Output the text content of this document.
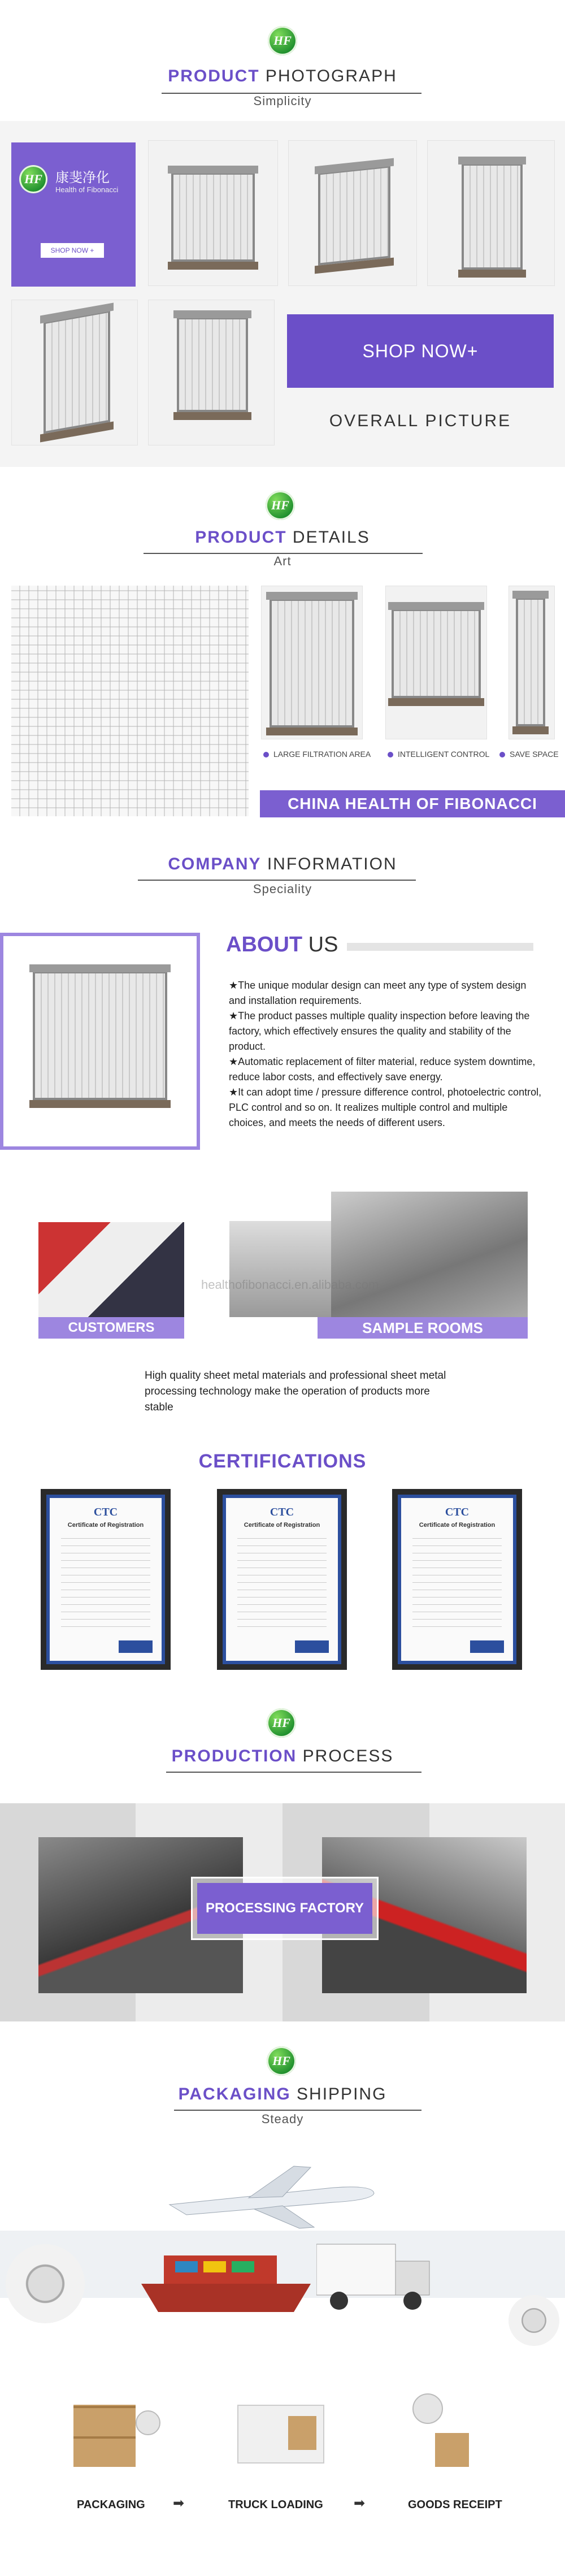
HF
PRODUCT PHOTOGRAPH
Simplicity
HF 康斐净化
Health of Fibonacci
SHOP NOW +
SHOP NOW+
OVERALL PICTURE
HF
PRODUCT DETAILS
Art
LARGE FILTRATION AREA	INTELLIGENT CONTROL	SAVE SPACE
CHINA HEALTH OF FIBONACCI
COMPANY INFORMATION
Speciality
ABOUT US
★The unique modular design can meet any type of system design and installation requirements.
★The product passes multiple quality inspection before leaving the factory, which effectively ensures the quality and stability of the product.
★Automatic replacement of filter material, reduce system downtime, reduce labor costs, and effectively save energy.
★It can adopt time / pressure difference control, photoelectric control, PLC control and so on. It realizes multiple control and multiple choices, and meets the needs of different users.
CUSTOMERS
healthofibonacci.en.alibaba.com
SAMPLE ROOMS
High quality sheet metal materials and professional sheet metal processing technology make the operation of products more stable
CERTIFICATIONS
CTC
Certificate of Registration
CTC
Certificate of Registration
CTC
Certificate of Registration
HF
PRODUCTION PROCESS
PROCESSING FACTORY
HF
PACKAGING SHIPPING
Steady
PACKAGING ➡	TRUCK LOADING ➡	GOODS RECEIPT
